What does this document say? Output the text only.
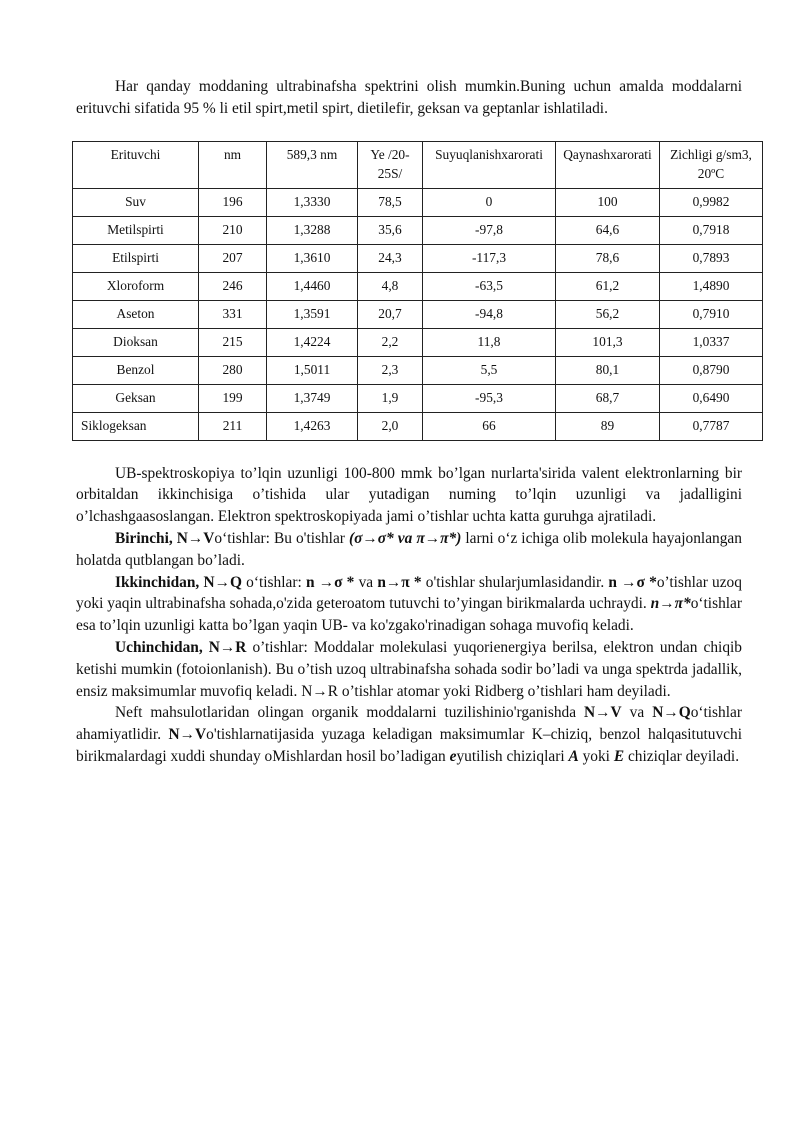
Har qanday moddaning ultrabinafsha spektrini olish mumkin.Buning uchun amalda moddalarni erituvchi sifatida 95 % li etil spirt,metil spirt, dietilefir, geksan va geptanlar ishlatiladi.

Erituvchi	nm	589,3 nm	Ye /20-25S/	Suyuqlanishxarorati	Qaynashxarorati	Zichligi g/sm3, 20ºC
Suv	196	1,3330	78,5	0	100	0,9982
Metilspirti	210	1,3288	35,6	-97,8	64,6	0,7918
Etilspirti	207	1,3610	24,3	-117,3	78,6	0,7893
Xloroform	246	1,4460	4,8	-63,5	61,2	1,4890
Aseton	331	1,3591	20,7	-94,8	56,2	0,7910
Dioksan	215	1,4224	2,2	11,8	101,3	1,0337
Benzol	280	1,5011	2,3	5,5	80,1	0,8790
Geksan	199	1,3749	1,9	-95,3	68,7	0,6490
Siklogeksan	211	1,4263	2,0	66	89	0,7787

UB-spektroskopiya to’lqin uzunligi 100-800 mmk bo’lgan nurlarta'sirida valent elektronlarning bir orbitaldan ikkinchisiga o’tishida ular yutadigan numing to’lqin uzunligi va jadalligini o’lchashgaasoslangan. Elektron spektroskopiyada jami o’tishlar uchta katta guruhga ajratiladi.

Birinchi, N→Vo‘tishlar: Bu o'tishlar (σ→σ* va π→π*) larni o‘z ichiga olib molekula hayajonlangan holatda qutblangan bo’ladi.

Ikkinchidan, N→Q o‘tishlar: n →σ * va n→π * o'tishlar shularjumlasidandir. n →σ *o’tishlar uzoq yoki yaqin ultrabinafsha sohada,o'zida geteroatom tutuvchi to’yingan birikmalarda uchraydi. n→π*o‘tishlar esa to’lqin uzunligi katta bo’lgan yaqin UB- va ko'zgako'rinadigan sohaga muvofiq keladi.

Uchinchidan, N→R o’tishlar: Moddalar molekulasi yuqorienergiya berilsa, elektron undan chiqib ketishi mumkin (fotoionlanish). Bu o’tish uzoq ultrabinafsha sohada sodir bo’ladi va unga spektrda jadallik, ensiz maksimumlar muvofiq keladi. N→R o’tishlar atomar yoki Ridberg o’tishlari ham deyiladi.

Neft mahsulotlaridan olingan organik moddalarni tuzilishinio'rganishda N→V va N→Qo‘tishlar ahamiyatlidir. N→Vo'tishlarnatijasida yuzaga keladigan maksimumlar K–chiziq, benzol halqasitutuvchi birikmalardagi xuddi shunday oMishlardan hosil bo’ladigan eyutilish chiziqlari A yoki E chiziqlar deyiladi.
